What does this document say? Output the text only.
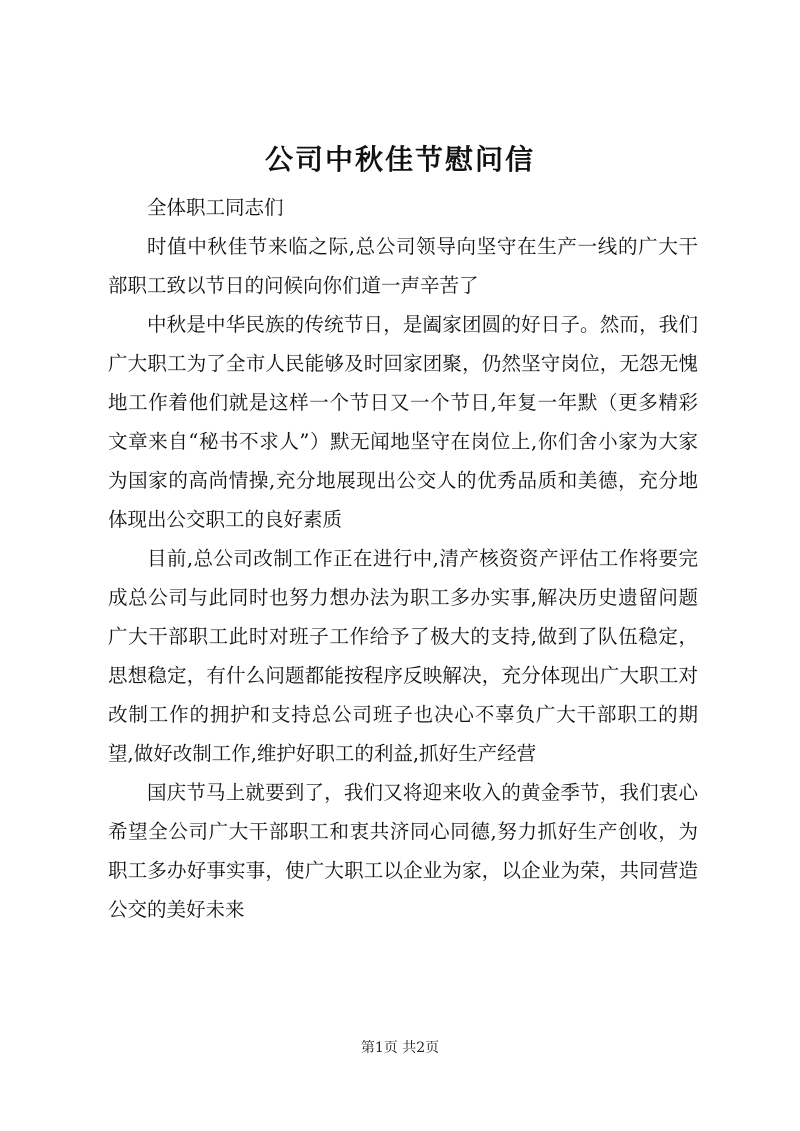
公司中秋佳节慰问信

全体职工同志们

时值中秋佳节来临之际,总公司领导向坚守在生产一线的广大干部职工致以节日的问候向你们道一声辛苦了

中秋是中华民族的传统节日，是阖家团圆的好日子。然而，我们广大职工为了全市人民能够及时回家团聚，仍然坚守岗位，无怨无愧地工作着他们就是这样一个节日又一个节日,年复一年默（更多精彩文章来自“秘书不求人”）默无闻地坚守在岗位上,你们舍小家为大家为国家的高尚情操,充分地展现出公交人的优秀品质和美德，充分地体现出公交职工的良好素质

目前,总公司改制工作正在进行中,清产核资资产评估工作将要完成总公司与此同时也努力想办法为职工多办实事,解决历史遗留问题广大干部职工此时对班子工作给予了极大的支持,做到了队伍稳定，思想稳定，有什么问题都能按程序反映解决，充分体现出广大职工对改制工作的拥护和支持总公司班子也决心不辜负广大干部职工的期望,做好改制工作,维护好职工的利益,抓好生产经营

国庆节马上就要到了，我们又将迎来收入的黄金季节，我们衷心希望全公司广大干部职工和衷共济同心同德,努力抓好生产创收，为职工多办好事实事，使广大职工以企业为家，以企业为荣，共同营造公交的美好未来

第1页 共2页
